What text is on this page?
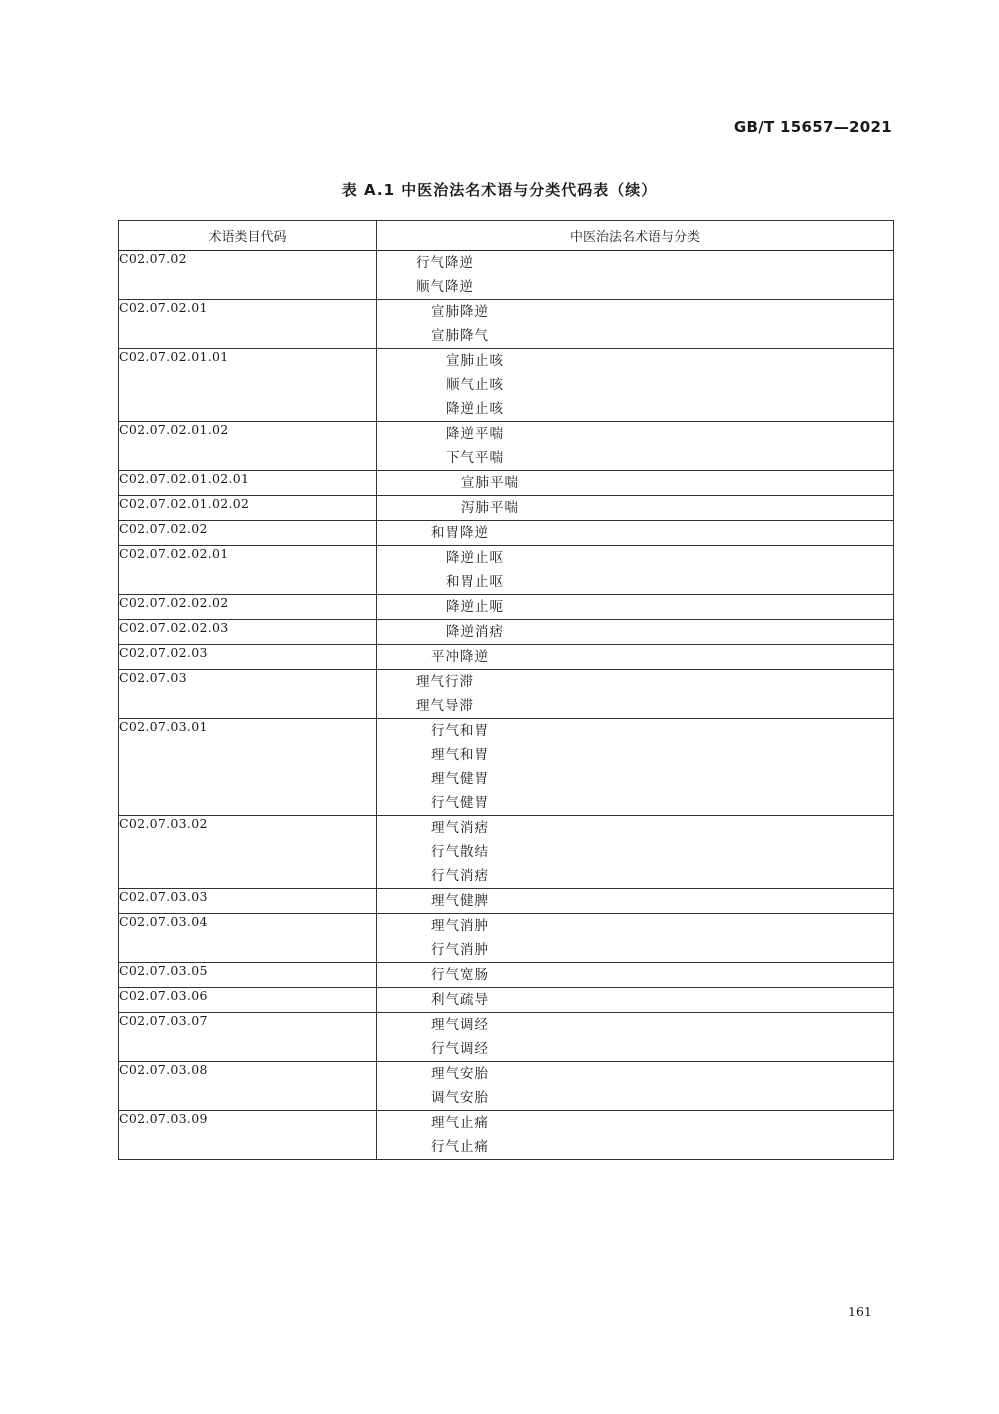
GB/T 15657—2021
表 A.1 中医治法名术语与分类代码表（续）
术语类目代码	中医治法名术语与分类
C02.07.02	行气降逆
顺气降逆

C02.07.02.01	宣肺降逆
宣肺降气

C02.07.02.01.01	宣肺止咳
顺气止咳
降逆止咳

C02.07.02.01.02	降逆平喘
下气平喘

C02.07.02.01.02.01	宣肺平喘

C02.07.02.01.02.02	泻肺平喘

C02.07.02.02	和胃降逆

C02.07.02.02.01	降逆止呕
和胃止呕

C02.07.02.02.02	降逆止呃

C02.07.02.02.03	降逆消痞

C02.07.02.03	平冲降逆

C02.07.03	理气行滞
理气导滞

C02.07.03.01	行气和胃
理气和胃
理气健胃
行气健胃

C02.07.03.02	理气消痞
行气散结
行气消痞

C02.07.03.03	理气健脾

C02.07.03.04	理气消肿
行气消肿

C02.07.03.05	行气宽肠

C02.07.03.06	利气疏导

C02.07.03.07	理气调经
行气调经

C02.07.03.08	理气安胎
调气安胎

C02.07.03.09	理气止痛
行气止痛
161
